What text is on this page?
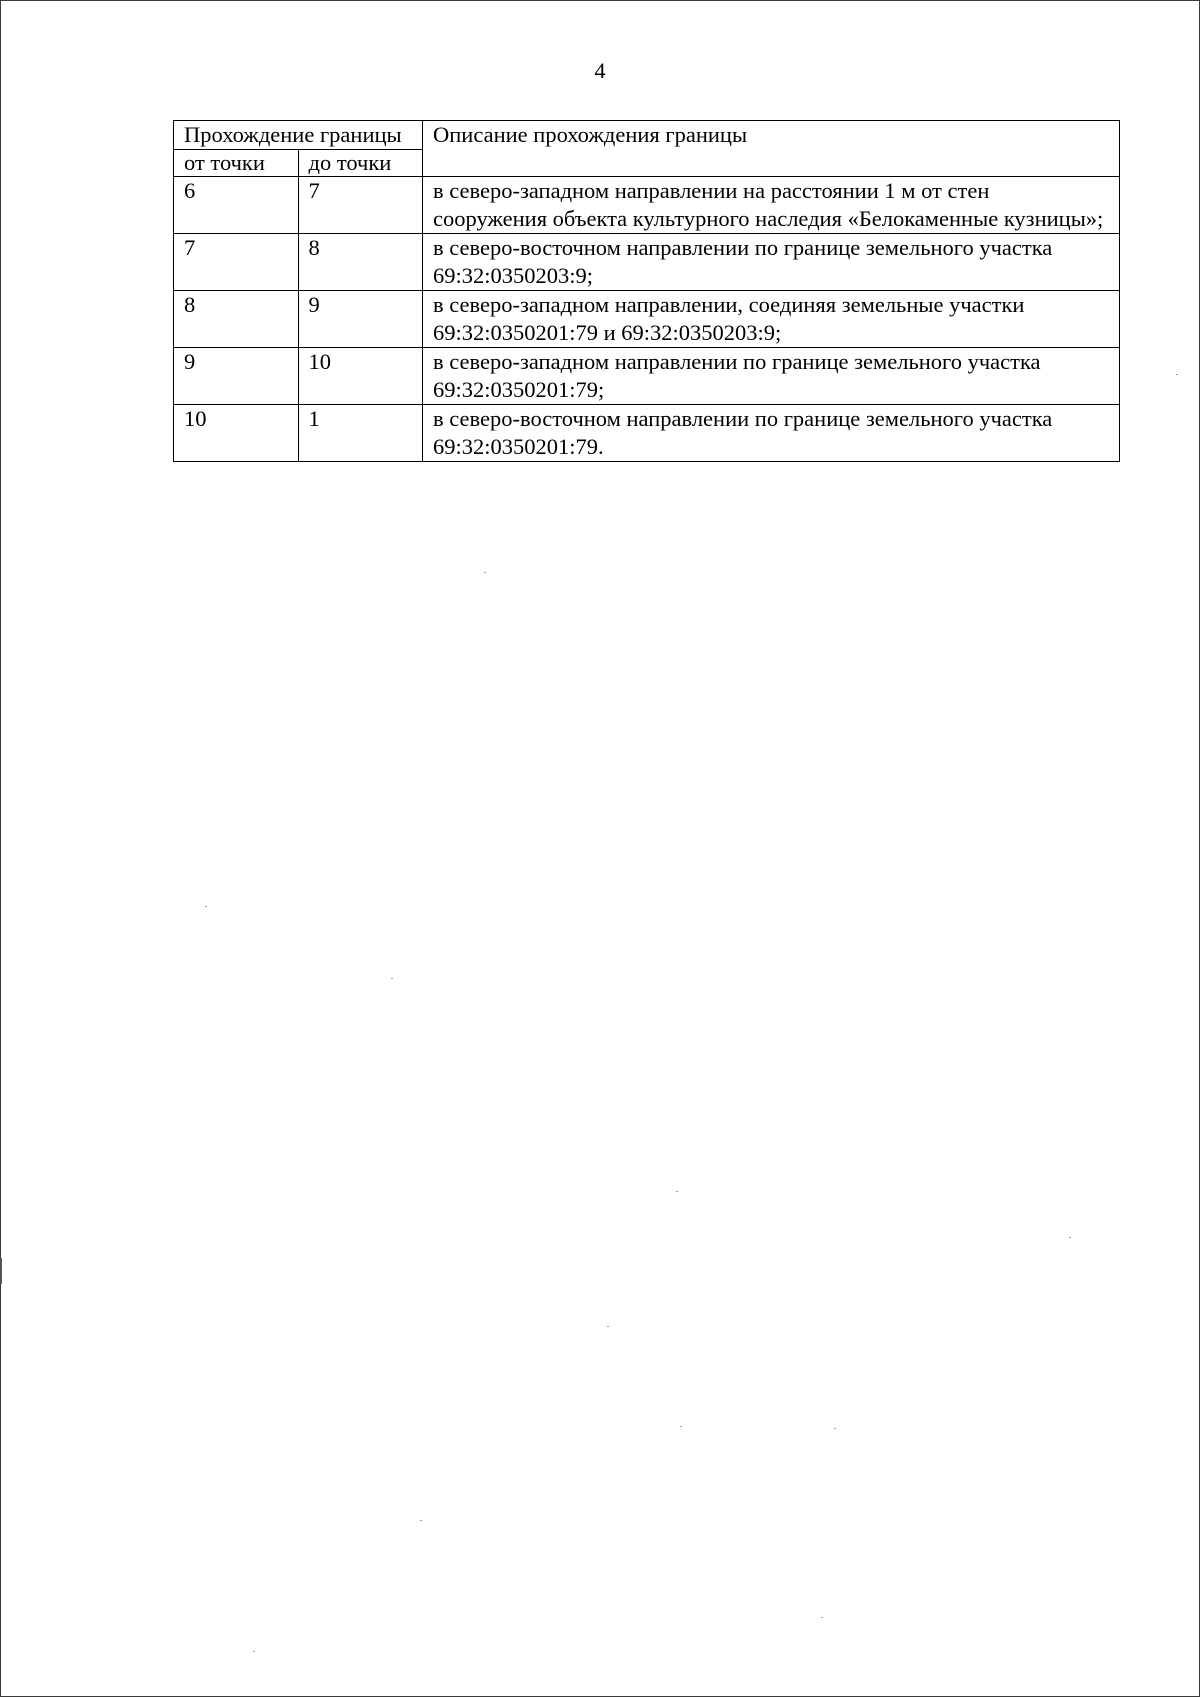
4
Прохождение границы		Описание прохождения границы
от точки	до точки	
6	7	в северо-западном направлении на расстоянии 1 м от стен сооружения объекта культурного наследия «Белокаменные кузницы»;
7	8	в северо-восточном направлении по границе земельного участка 69:32:0350203:9;
8	9	в северо-западном направлении, соединяя земельные участки 69:32:0350201:79 и 69:32:0350203:9;
9	10	в северо-западном направлении по границе земельного участка 69:32:0350201:79;
10	1	в северо-восточном направлении по границе земельного участка 69:32:0350201:79.
